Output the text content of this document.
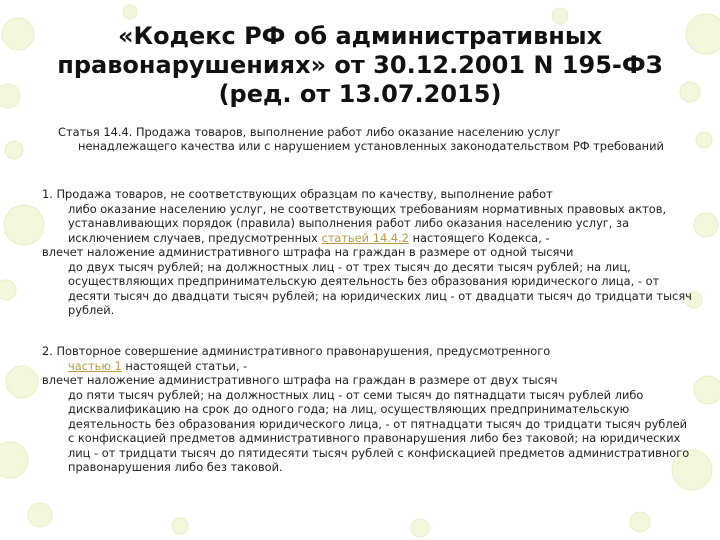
«Кодекс РФ об административных правонарушениях» от 30.12.2001 N 195-ФЗ (ред. от 13.07.2015)
Статья 14.4. Продажа товаров, выполнение работ либо оказание населению услуг
ненадлежащего качества или с нарушением установленных законодательством РФ требований
1. Продажа товаров, не соответствующих образцам по качеству, выполнение работ
либо оказание населению услуг, не соответствующих требованиям нормативных правовых актов, устанавливающих порядок (правила) выполнения работ либо оказания населению услуг, за исключением случаев, предусмотренных статьей 14.4.2 настоящего Кодекса, -
влечет наложение административного штрафа на граждан в размере от одной тысячи
до двух тысяч рублей; на должностных лиц - от трех тысяч до десяти тысяч рублей; на лиц, осуществляющих предпринимательскую деятельность без образования юридического лица, - от десяти тысяч до двадцати тысяч рублей; на юридических лиц - от двадцати тысяч до тридцати тысяч рублей.
2. Повторное совершение административного правонарушения, предусмотренного
частью 1 настоящей статьи, -
влечет наложение административного штрафа на граждан в размере от двух тысяч
до пяти тысяч рублей; на должностных лиц - от семи тысяч до пятнадцати тысяч рублей либо дисквалификацию на срок до одного года; на лиц, осуществляющих предпринимательскую деятельность без образования юридического лица, - от пятнадцати тысяч до тридцати тысяч рублей с конфискацией предметов административного правонарушения либо без таковой; на юридических лиц - от тридцати тысяч до пятидесяти тысяч рублей с конфискацией предметов административного правонарушения либо без таковой.
